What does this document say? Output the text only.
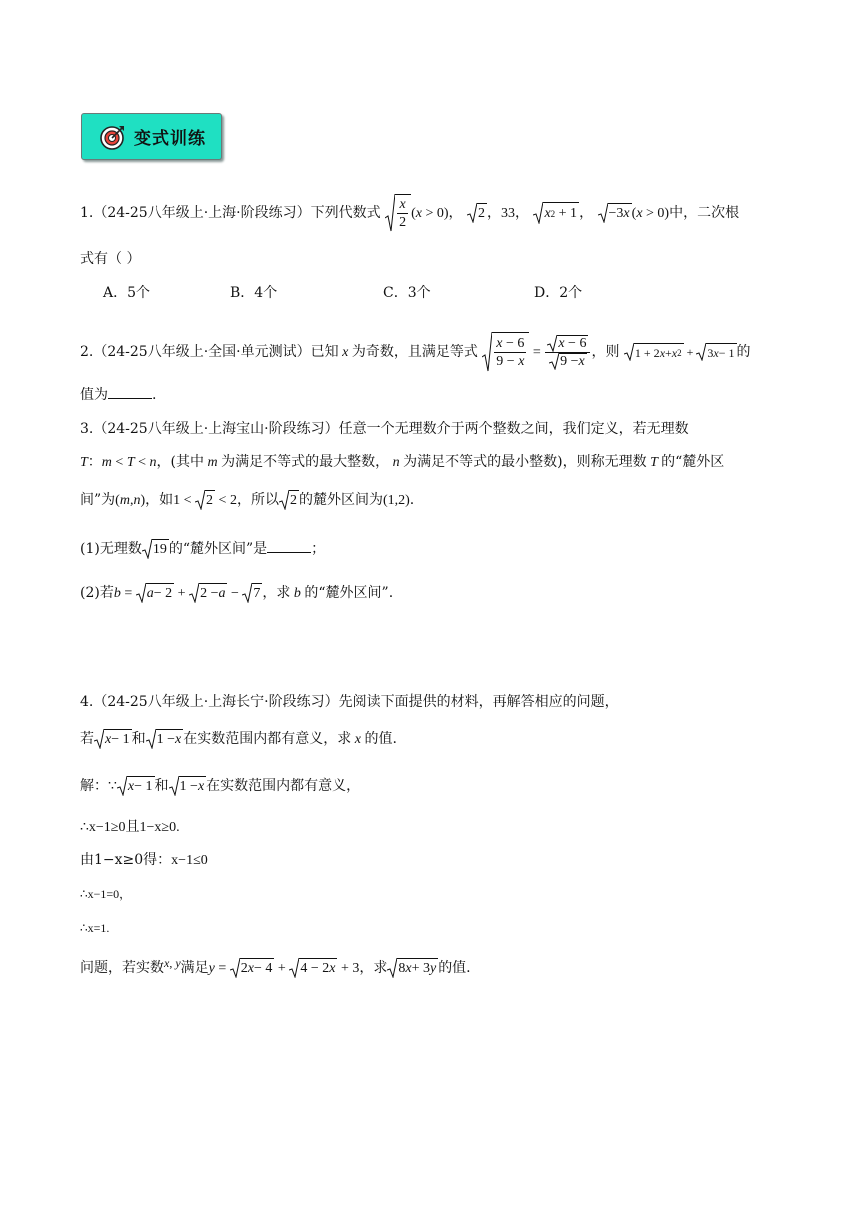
变式训练
1.（24-25八年级上·上海·阶段练习）下列代数式 $\frac{x}{2} (x > 0)$， 2 ，33， x 2 + 1 ， −3 x (x > 0)中，二次根
式有（ ）
A．5个	B．4个	C．3个	D．2个
2.（24-25八年级上·全国·单元测试）已知 x 为奇数，且满足等式 $\frac{x - 6}{9 - x} = \frac{x - 6}{9 - x}$ ，则 1 + 2 x + x 2 + 3 x − 1 的
值为	.
3.（24-25八年级上·上海宝山·阶段练习）任意一个无理数介于两个整数之间，我们定义，若无理数
T：m < T < n，(其中 m 为满足不等式的最大整数， n 为满足不等式的最小整数)，则称无理数 T 的“麓外区
间”为(m,n)，如1 < 2 < 2，所以 2 的麓外区间为(1,2).
(1)无理数 19 的“麓外区间”是	；
(2)若b = a − 2 + 2 − a − 7 ，求 b 的“麓外区间”.
4.（24-25八年级上·上海长宁·阶段练习）先阅读下面提供的材料，再解答相应的问题，
若 x − 1 和 1 − x 在实数范围内都有意义，求 x 的值.
解：∵ x − 1 和 1 − x 在实数范围内都有意义，
∴x−1≥0且1−x≥0.
由1−x≥0得：x−1≤0
∴x−1=0，
∴x=1.
问题，若实数x, y满足y = 2 x − 4 + 4 − 2 x + 3，求 8 x + 3 y 的值.
